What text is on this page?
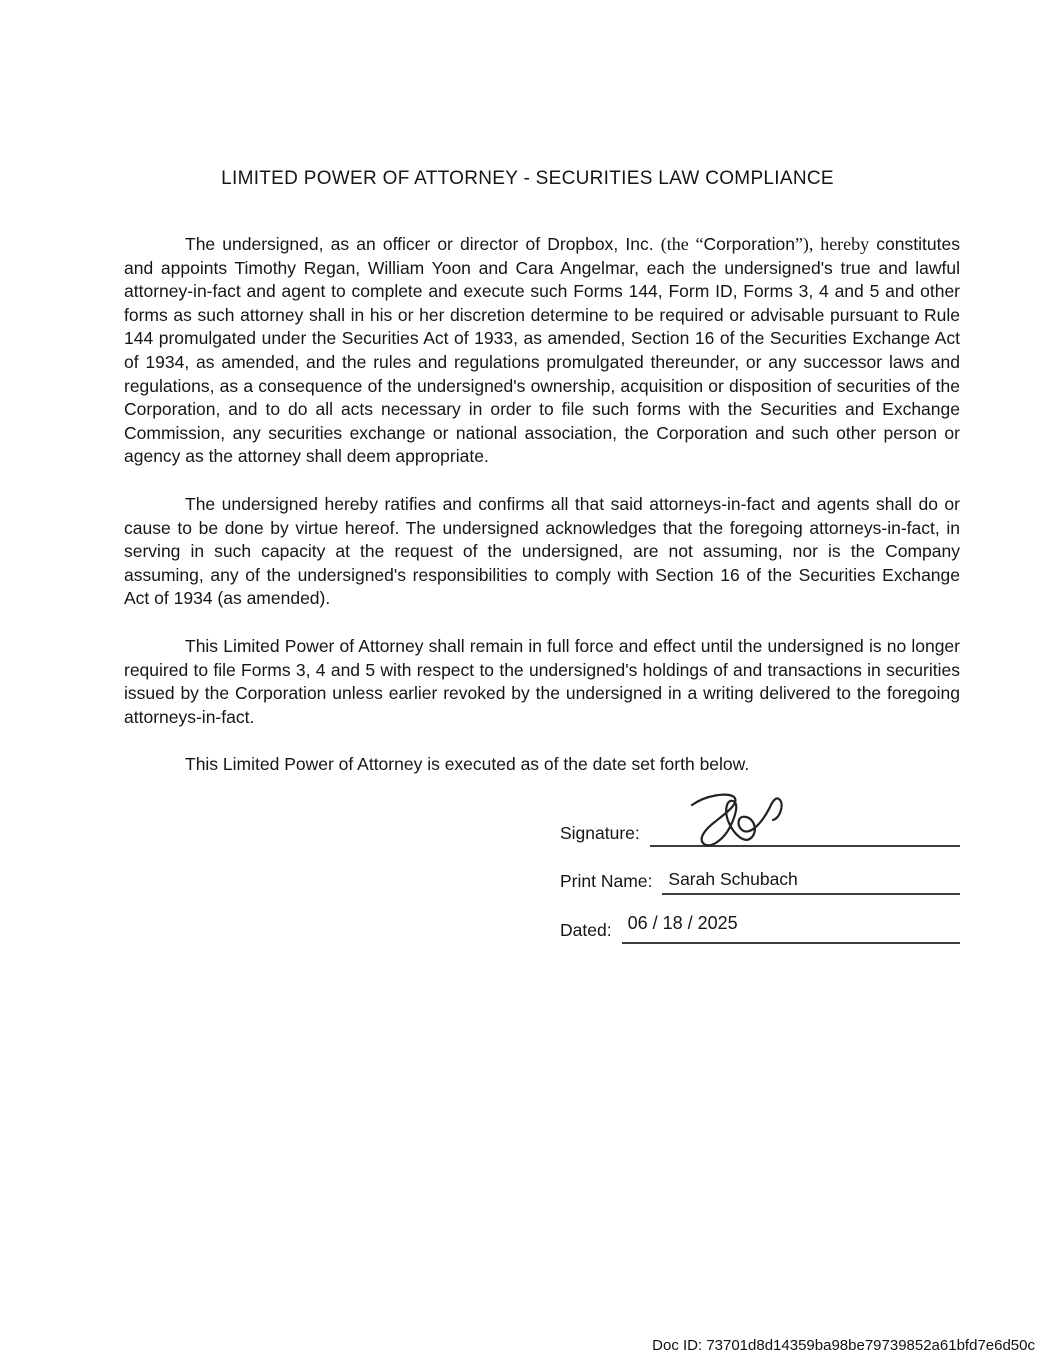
LIMITED POWER OF ATTORNEY - SECURITIES LAW COMPLIANCE

The undersigned, as an officer or director of Dropbox, Inc. (the “Corporation”), hereby constitutes and appoints Timothy Regan, William Yoon and Cara Angelmar, each the undersigned's true and lawful attorney-in-fact and agent to complete and execute such Forms 144, Form ID, Forms 3, 4 and 5 and other forms as such attorney shall in his or her discretion determine to be required or advisable pursuant to Rule 144 promulgated under the Securities Act of 1933, as amended, Section 16 of the Securities Exchange Act of 1934, as amended, and the rules and regulations promulgated thereunder, or any successor laws and regulations, as a consequence of the undersigned's ownership, acquisition or disposition of securities of the Corporation, and to do all acts necessary in order to file such forms with the Securities and Exchange Commission, any securities exchange or national association, the Corporation and such other person or agency as the attorney shall deem appropriate.

The undersigned hereby ratifies and confirms all that said attorneys-in-fact and agents shall do or cause to be done by virtue hereof. The undersigned acknowledges that the foregoing attorneys-in-fact, in serving in such capacity at the request of the undersigned, are not assuming, nor is the Company assuming, any of the undersigned's responsibilities to comply with Section 16 of the Securities Exchange Act of 1934 (as amended).

This Limited Power of Attorney shall remain in full force and effect until the undersigned is no longer required to file Forms 3, 4 and 5 with respect to the undersigned's holdings of and transactions in securities issued by the Corporation unless earlier revoked by the undersigned in a writing delivered to the foregoing attorneys-in-fact.

This Limited Power of Attorney is executed as of the date set forth below.

Signature:
Print Name: Sarah Schubach
Dated: 06 / 18 / 2025
Doc ID: 73701d8d14359ba98be79739852a61bfd7e6d50c
